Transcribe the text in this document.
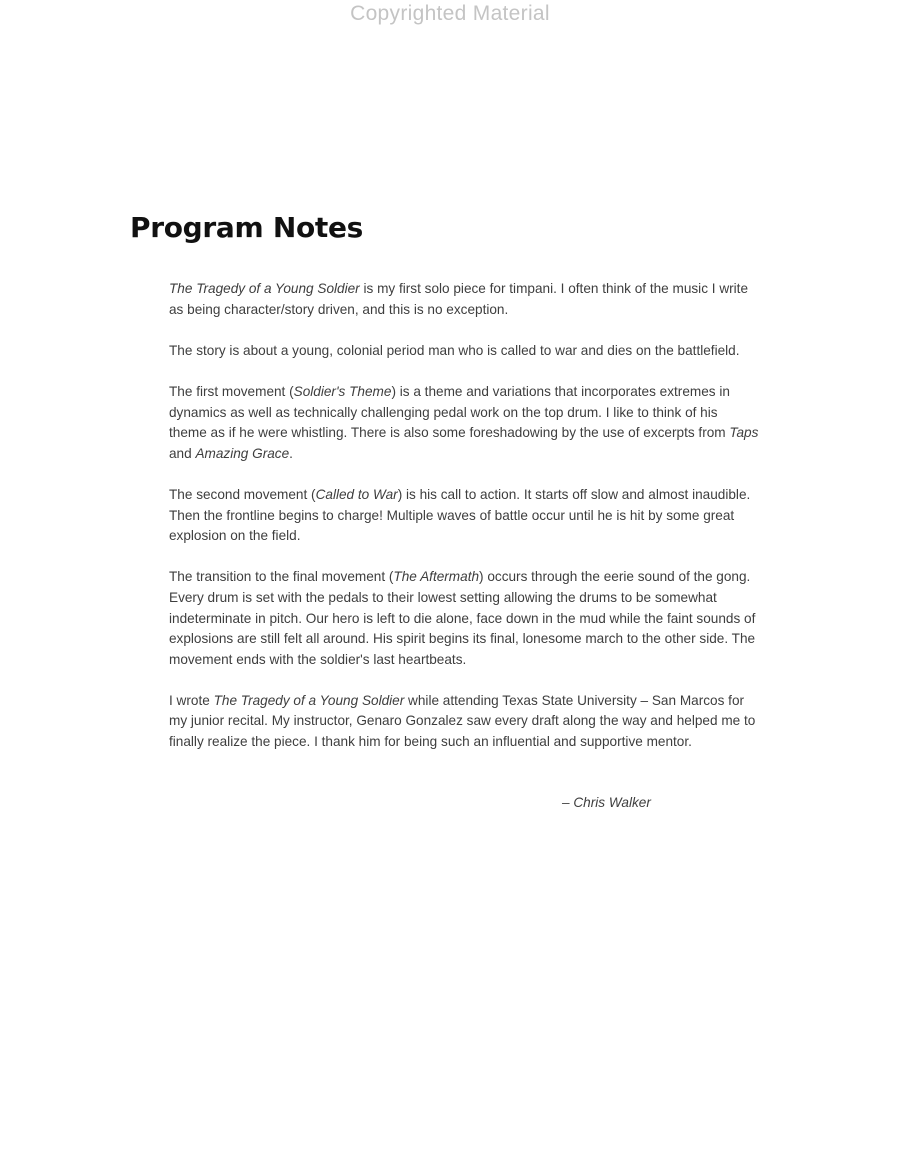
Copyrighted Material
Program Notes

The Tragedy of a Young Soldier is my first solo piece for timpani. I often think of the music I write as being character/story driven, and this is no exception.

The story is about a young, colonial period man who is called to war and dies on the battlefield.

The first movement (Soldier's Theme) is a theme and variations that incorporates extremes in dynamics as well as technically challenging pedal work on the top drum. I like to think of his theme as if he were whistling. There is also some foreshadowing by the use of excerpts from Taps and Amazing Grace.

The second movement (Called to War) is his call to action. It starts off slow and almost inaudible. Then the frontline begins to charge! Multiple waves of battle occur until he is hit by some great explosion on the field.

The transition to the final movement (The Aftermath) occurs through the eerie sound of the gong. Every drum is set with the pedals to their lowest setting allowing the drums to be somewhat indeterminate in pitch. Our hero is left to die alone, face down in the mud while the faint sounds of explosions are still felt all around. His spirit begins its final, lonesome march to the other side. The movement ends with the soldier's last heartbeats.

I wrote The Tragedy of a Young Soldier while attending Texas State University – San Marcos for my junior recital. My instructor, Genaro Gonzalez saw every draft along the way and helped me to finally realize the piece. I thank him for being such an influential and supportive mentor.

– Chris Walker
